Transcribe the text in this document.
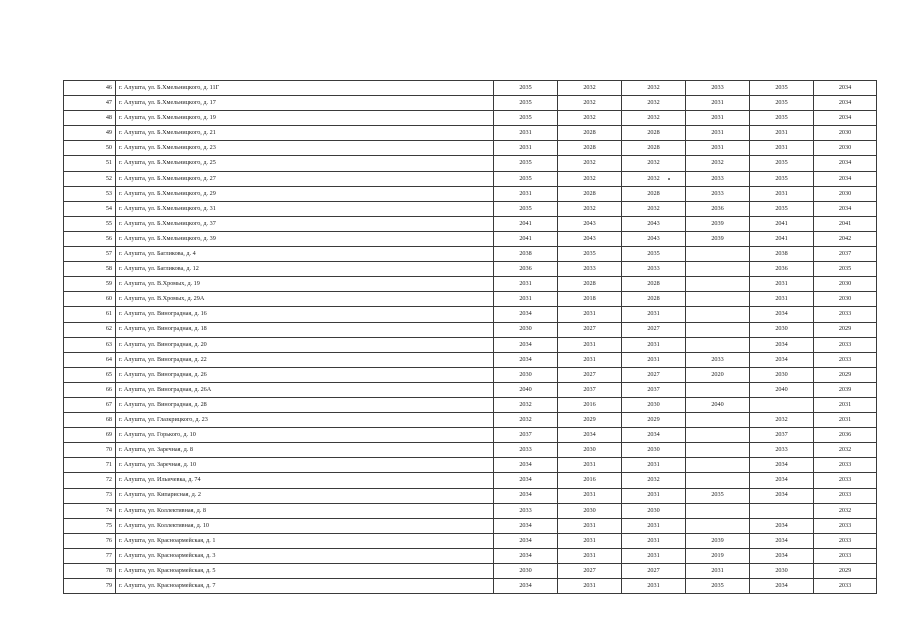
46	г. Алушта, ул. Б.Хмельницкого, д. 11Г	2035	2032	2032	2033	2035	2034
47	г. Алушта, ул. Б.Хмельницкого, д. 17	2035	2032	2032	2031	2035	2034
48	г. Алушта, ул. Б.Хмельницкого, д. 19	2035	2032	2032	2031	2035	2034
49	г. Алушта, ул. Б.Хмельницкого, д. 21	2031	2028	2028	2031	2031	2030
50	г. Алушта, ул. Б.Хмельницкого, д. 23	2031	2028	2028	2031	2031	2030
51	г. Алушта, ул. Б.Хмельницкого, д. 25	2035	2032	2032	2032	2035	2034
52	г. Алушта, ул. Б.Хмельницкого, д. 27	2035	2032	2032	2033	2035	2034
53	г. Алушта, ул. Б.Хмельницкого, д. 29	2031	2028	2028	2033	2031	2030
54	г. Алушта, ул. Б.Хмельницкого, д. 31	2035	2032	2032	2036	2035	2034
55	г. Алушта, ул. Б.Хмельницкого, д. 37	2041	2043	2043	2039	2041	2041
56	г. Алушта, ул. Б.Хмельницкого, д. 39	2041	2043	2043	2039	2041	2042
57	г. Алушта, ул. Багликова, д. 4	2038	2035	2035		2038	2037
58	г. Алушта, ул. Багликова, д. 12	2036	2033	2033		2036	2035
59	г. Алушта, ул. В.Хромых, д. 19	2031	2028	2028		2031	2030
60	г. Алушта, ул. В.Хромых, д. 29А	2031	2018	2028		2031	2030
61	г. Алушта, ул. Виноградная, д. 16	2034	2031	2031		2034	2033
62	г. Алушта, ул. Виноградная, д. 18	2030	2027	2027		2030	2029
63	г. Алушта, ул. Виноградная, д. 20	2034	2031	2031		2034	2033
64	г. Алушта, ул. Виноградная, д. 22	2034	2031	2031	2033	2034	2033
65	г. Алушта, ул. Виноградная, д. 26	2030	2027	2027	2020	2030	2029
66	г. Алушта, ул. Виноградная, д. 26А	2040	2037	2037		2040	2039
67	г. Алушта, ул. Виноградная, д. 28	2032	2016	2030	2040		2031
68	г. Алушта, ул. Глазкрицкого, д. 23	2032	2029	2029		2032	2031
69	г. Алушта, ул. Горького, д. 10	2037	2034	2034		2037	2036
70	г. Алушта, ул. Заречная, д. 8	2033	2030	2030		2033	2032
71	г. Алушта, ул. Заречная, д. 10	2034	2031	2031		2034	2033
72	г. Алушта, ул. Ильичевка, д. 74	2034	2016	2032		2034	2033
73	г. Алушта, ул. Кипарисная, д. 2	2034	2031	2031	2035	2034	2033
74	г. Алушта, ул. Коллективная, д. 8	2033	2030	2030			2032
75	г. Алушта, ул. Коллективная, д. 10	2034	2031	2031		2034	2033
76	г. Алушта, ул. Красноармейская, д. 1	2034	2031	2031	2039	2034	2033
77	г. Алушта, ул. Красноармейская, д. 3	2034	2031	2031	2019	2034	2033
78	г. Алушта, ул. Красноармейская, д. 5	2030	2027	2027	2031	2030	2029
79	г. Алушта, ул. Красноармейская, д. 7	2034	2031	2031	2035	2034	2033
